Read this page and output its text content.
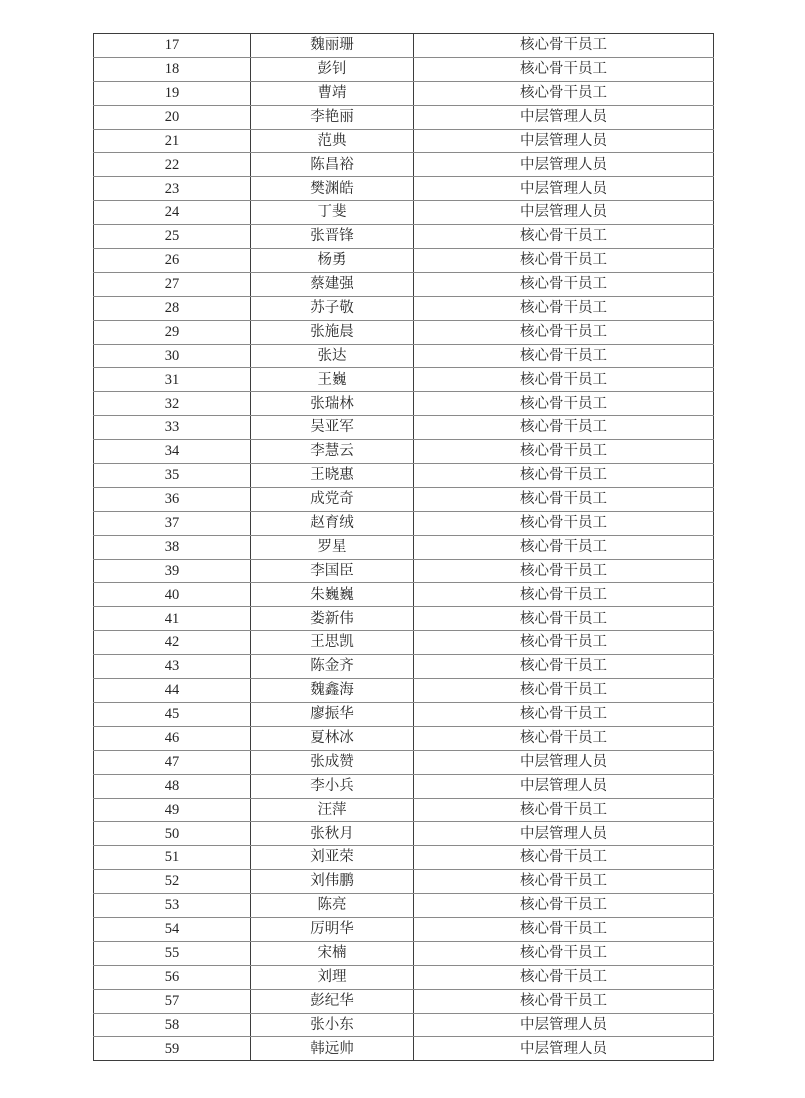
17	魏丽珊	核心骨干员工
18	彭钊	核心骨干员工
19	曹靖	核心骨干员工
20	李艳丽	中层管理人员
21	范典	中层管理人员
22	陈昌裕	中层管理人员
23	樊渊皓	中层管理人员
24	丁斐	中层管理人员
25	张晋锋	核心骨干员工
26	杨勇	核心骨干员工
27	蔡建强	核心骨干员工
28	苏子敬	核心骨干员工
29	张施晨	核心骨干员工
30	张达	核心骨干员工
31	王巍	核心骨干员工
32	张瑞林	核心骨干员工
33	吴亚军	核心骨干员工
34	李慧云	核心骨干员工
35	王晓惠	核心骨干员工
36	成党奇	核心骨干员工
37	赵育绒	核心骨干员工
38	罗星	核心骨干员工
39	李国臣	核心骨干员工
40	朱巍巍	核心骨干员工
41	娄新伟	核心骨干员工
42	王思凯	核心骨干员工
43	陈金齐	核心骨干员工
44	魏鑫海	核心骨干员工
45	廖振华	核心骨干员工
46	夏林冰	核心骨干员工
47	张成赞	中层管理人员
48	李小兵	中层管理人员
49	汪萍	核心骨干员工
50	张秋月	中层管理人员
51	刘亚荣	核心骨干员工
52	刘伟鹏	核心骨干员工
53	陈亮	核心骨干员工
54	厉明华	核心骨干员工
55	宋楠	核心骨干员工
56	刘理	核心骨干员工
57	彭纪华	核心骨干员工
58	张小东	中层管理人员
59	韩远帅	中层管理人员
